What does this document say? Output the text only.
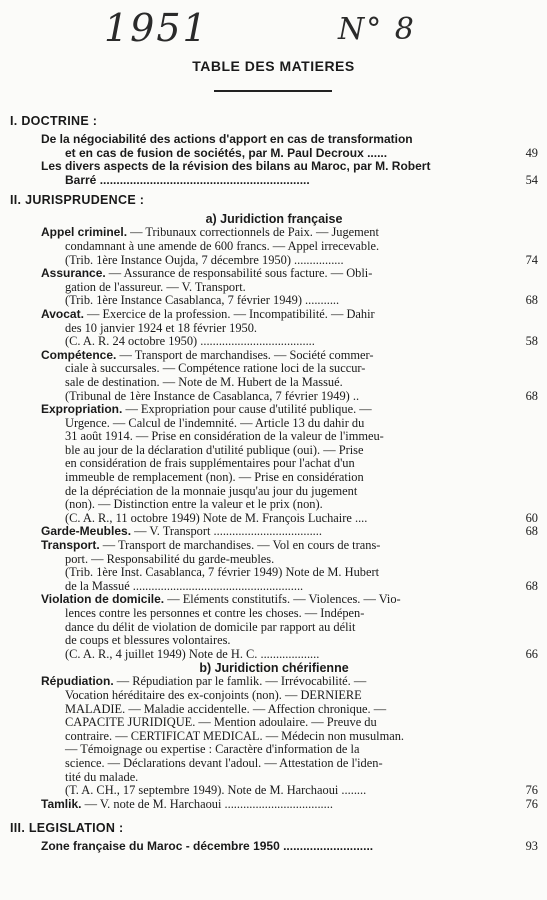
1951	N° 8
TABLE DES MATIERES
I. DOCTRINE :
De la négociabilité des actions d'apport en cas de transformation
et en cas de fusion de sociétés, par M. Paul Decroux ......	49
Les divers aspects de la révision des bilans au Maroc, par M. Robert
Barré ...............................................................	54
II. JURISPRUDENCE :
a) Juridiction française
Appel criminel. — Tribunaux correctionnels de Paix. — Jugement
condamnant à une amende de 600 francs. — Appel irrecevable.
(Trib. 1ère Instance Oujda, 7 décembre 1950) ................	74
Assurance. — Assurance de responsabilité sous facture. — Obli-
gation de l'assureur. — V. Transport.
(Trib. 1ère Instance Casablanca, 7 février 1949) ...........	68
Avocat. — Exercice de la profession. — Incompatibilité. — Dahir
des 10 janvier 1924 et 18 février 1950.
(C. A. R. 24 octobre 1950) .....................................	58
Compétence. — Transport de marchandises. — Société commer-
ciale à succursales. — Compétence ratione loci de la succur-
sale de destination. — Note de M. Hubert de la Massué.
(Tribunal de 1ère Instance de Casablanca, 7 février 1949) ..	68
Expropriation. — Expropriation pour cause d'utilité publique. —
Urgence. — Calcul de l'indemnité. — Article 13 du dahir du
31 août 1914. — Prise en considération de la valeur de l'immeu-
ble au jour de la déclaration d'utilité publique (oui). — Prise
en considération de frais supplémentaires pour l'achat d'un
immeuble de remplacement (non). — Prise en considération
de la dépréciation de la monnaie jusqu'au jour du jugement
(non). — Distinction entre la valeur et le prix (non).
(C. A. R., 11 octobre 1949) Note de M. François Luchaire ....	60
Garde-Meubles. — V. Transport ...................................	68
Transport. — Transport de marchandises. — Vol en cours de trans-
port. — Responsabilité du garde-meubles.
(Trib. 1ère Inst. Casablanca, 7 février 1949) Note de M. Hubert
de la Massué .......................................................	68
Violation de domicile. — Eléments constitutifs. — Violences. — Vio-
lences contre les personnes et contre les choses. — Indépen-
dance du délit de violation de domicile par rapport au délit
de coups et blessures volontaires.
(C. A. R., 4 juillet 1949) Note de H. C. ...................	66
b) Juridiction chérifienne
Répudiation. — Répudiation par le famlik. — Irrévocabilité. —
Vocation héréditaire des ex-conjoints (non). — DERNIERE
MALADIE. — Maladie accidentelle. — Affection chronique. —
CAPACITE JURIDIQUE. — Mention adoulaire. — Preuve du
contraire. — CERTIFICAT MEDICAL. — Médecin non musulman.
— Témoignage ou expertise : Caractère d'information de la
science. — Déclarations devant l'adoul. — Attestation de l'iden-
tité du malade.
(T. A. CH., 17 septembre 1949). Note de M. Harchaoui ........	76
Tamlik. — V. note de M. Harchaoui ...................................	76
III. LEGISLATION :
Zone française du Maroc - décembre 1950 ...........................	93
